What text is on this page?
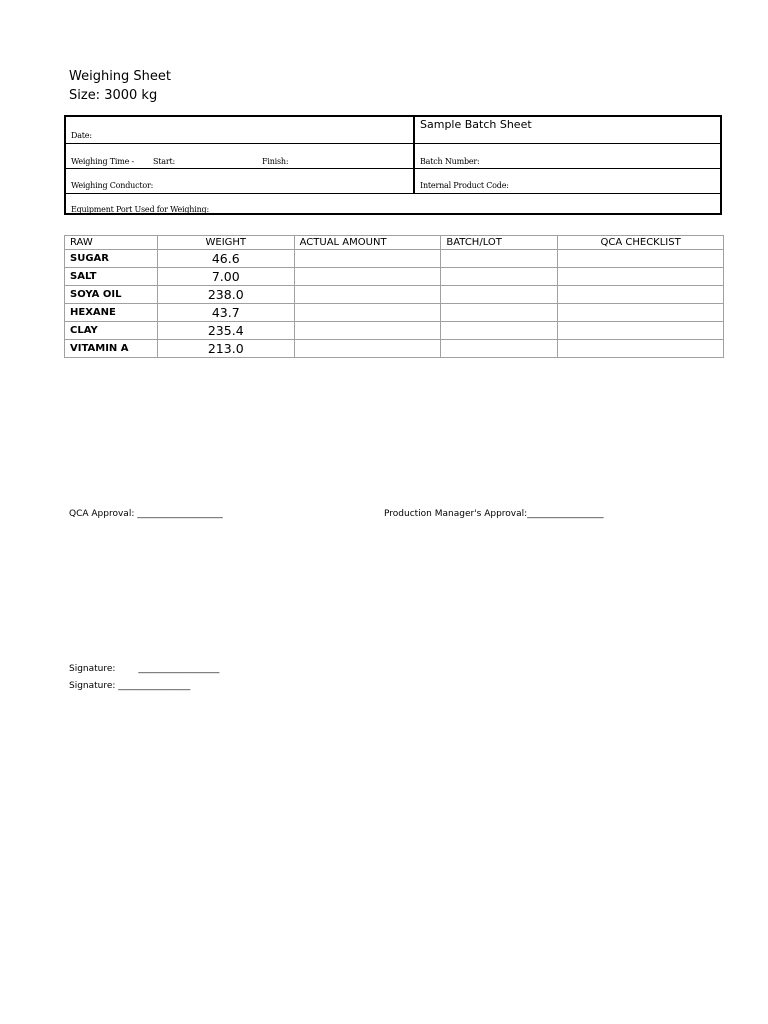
Weighing Sheet
Size: 3000 kg
Date:
Sample Batch Sheet
Weighing Time - Start:	Finish:	Batch Number:
Weighing Conductor:	Internal Product Code:
Equipment Port Used for Weighing:
RAW	WEIGHT	ACTUAL AMOUNT	BATCH/LOT	QCA CHECKLIST
SUGAR	46.6			
SALT	7.00			
SOYA OIL	238.0			
HEXANE	43.7			
CLAY	235.4			
VITAMIN A	213.0			
QCA Approval: ___________________	Production Manager's Approval:_________________
Signature:        __________________
Signature: ________________
